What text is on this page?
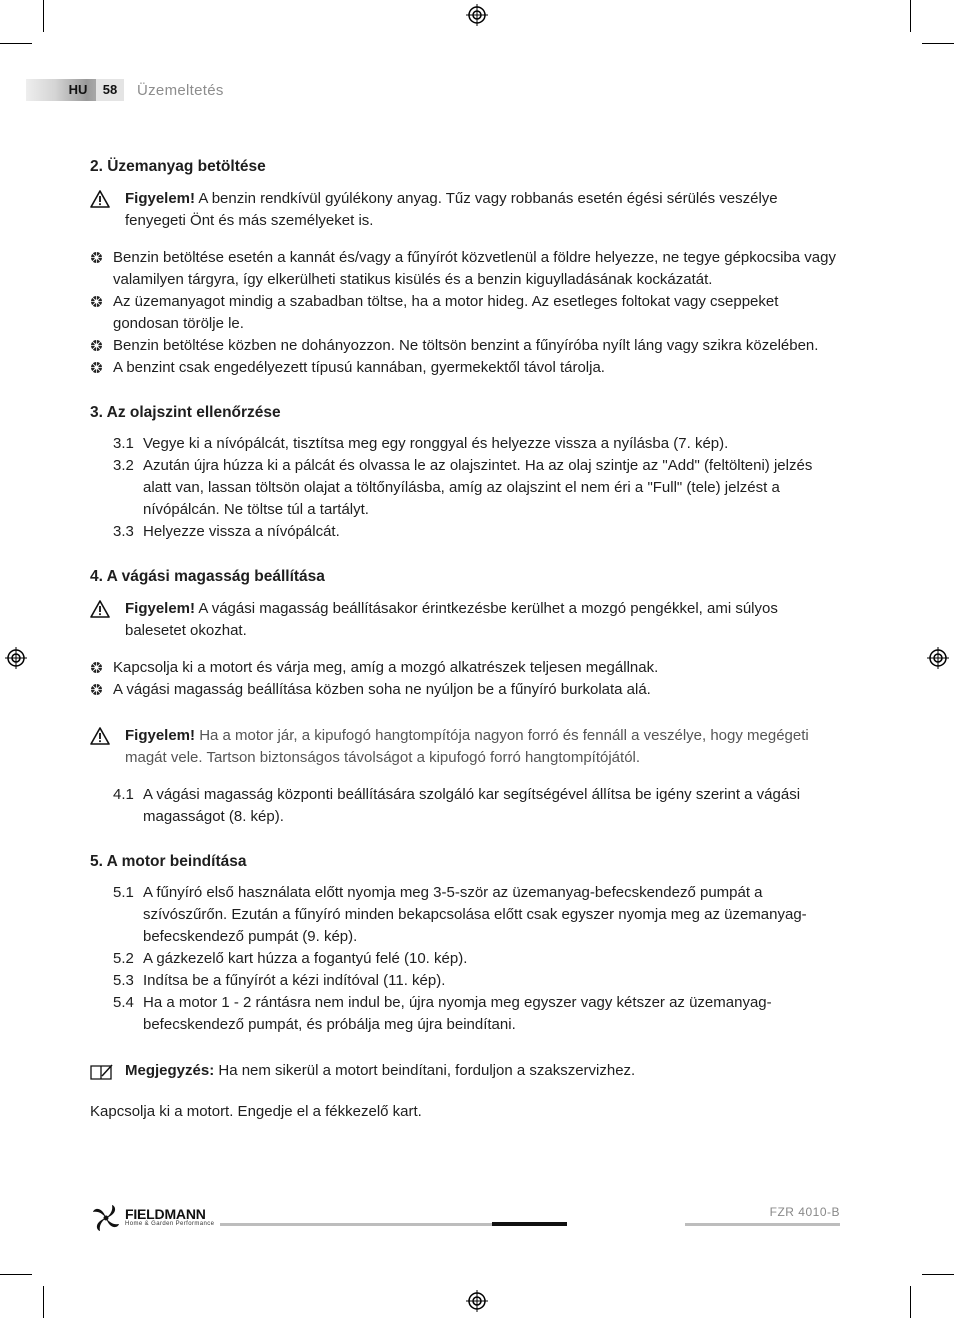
HU	58	Üzemeltetés

2. Üzemanyag betöltése

Figyelem! A benzin rendkívül gyúlékony anyag. Tűz vagy robbanás esetén égési sérülés veszélye fenyegeti Önt és más személyeket is.
Benzin betöltése esetén a kannát és/vagy a fűnyírót közvetlenül a földre helyezze, ne tegye gépkocsiba vagy valamilyen tárgyra, így elkerülheti statikus kisülés és a benzin kiguylladásának kockázatát.
Az üzemanyagot mindig a szabadban töltse, ha a motor hideg. Az esetleges foltokat vagy cseppeket gondosan törölje le.
Benzin betöltése közben ne dohányozzon. Ne töltsön benzint a fűnyíróba nyílt láng vagy szikra közelében.
A benzint csak engedélyezett típusú kannában, gyermekektől távol tárolja.

3. Az olajszint ellenőrzése

3.1 Vegye ki a nívópálcát, tisztítsa meg egy ronggyal és helyezze vissza a nyílásba (7. kép).
3.2 Azután újra húzza ki a pálcát és olvassa le az olajszintet. Ha az olaj szintje az "Add" (feltölteni) jelzés alatt van, lassan töltsön olajat a töltőnyílásba, amíg az olajszint el nem éri a "Full" (tele) jelzést a nívópálcán. Ne töltse túl a tartályt.
3.3 Helyezze vissza a nívópálcát.

4. A vágási magasság beállítása

Figyelem! A vágási magasság beállításakor érintkezésbe kerülhet a mozgó pengékkel, ami súlyos balesetet okozhat.
Kapcsolja ki a motort és várja meg, amíg a mozgó alkatrészek teljesen megállnak.
A vágási magasság beállítása közben soha ne nyúljon be a fűnyíró burkolata alá.
Figyelem! Ha a motor jár, a kipufogó hangtompítója nagyon forró és fennáll a veszélye, hogy megégeti magát vele. Tartson biztonságos távolságot a kipufogó forró hangtompítójától.
4.1 A vágási magasság központi beállítására szolgáló kar segítségével állítsa be igény szerint a vágási magasságot (8. kép).

5. A motor beindítása

5.1 A fűnyíró első használata előtt nyomja meg 3-5-ször az üzemanyag-befecskendező pumpát a szívószűrőn. Ezután a fűnyíró minden bekapcsolása előtt csak egyszer nyomja meg az üzemanyag-befecskendező pumpát (9. kép).
5.2 A gázkezelő kart húzza a fogantyú felé (10. kép).
5.3 Indítsa be a fűnyírót a kézi indítóval (11. kép).
5.4 Ha a motor 1 - 2 rántásra nem indul be, újra nyomja meg egyszer vagy kétszer az üzemanyag-befecskendező pumpát, és próbálja meg újra beindítani.
Megjegyzés: Ha nem sikerül a motort beindítani, forduljon a szakszervizhez.

Kapcsolja ki a motort. Engedje el a fékkezelő kart.

FIELDMANN
Home & Garden Performance
FZR 4010-B
